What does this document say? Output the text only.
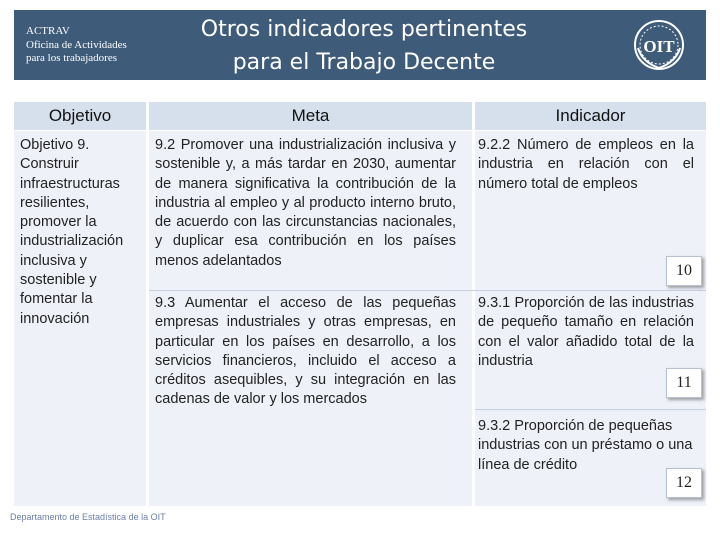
ACTRAV
Oficina de Actividades
para los trabajadores
Otros indicadores pertinentes
para el Trabajo Decente
OIT
Objetivo	Meta	Indicador
Objetivo 9. Construir infraestructuras resilientes, promover la industrialización inclusiva y sostenible y fomentar la innovación
9.2 Promover una industrialización inclusiva y sostenible y, a más tardar en 2030, aumentar de manera significativa la contribución de la industria al empleo y al producto interno bruto, de acuerdo con las circunstancias nacionales, y duplicar esa contribución en los países menos adelantados
9.3 Aumentar el acceso de las pequeñas empresas industriales y otras empresas, en particular en los países en desarrollo, a los servicios financieros, incluido el acceso a créditos asequibles, y su integración en las cadenas de valor y los mercados
9.2.2 Número de empleos en la industria en relación con el número total de empleos
9.3.1 Proporción de las industrias de pequeño tamaño en relación con el valor añadido total de la industria
9.3.2 Proporción de pequeñas industrias con un préstamo o una línea de crédito
10
11
12
Departamento de Estadística de la OIT
